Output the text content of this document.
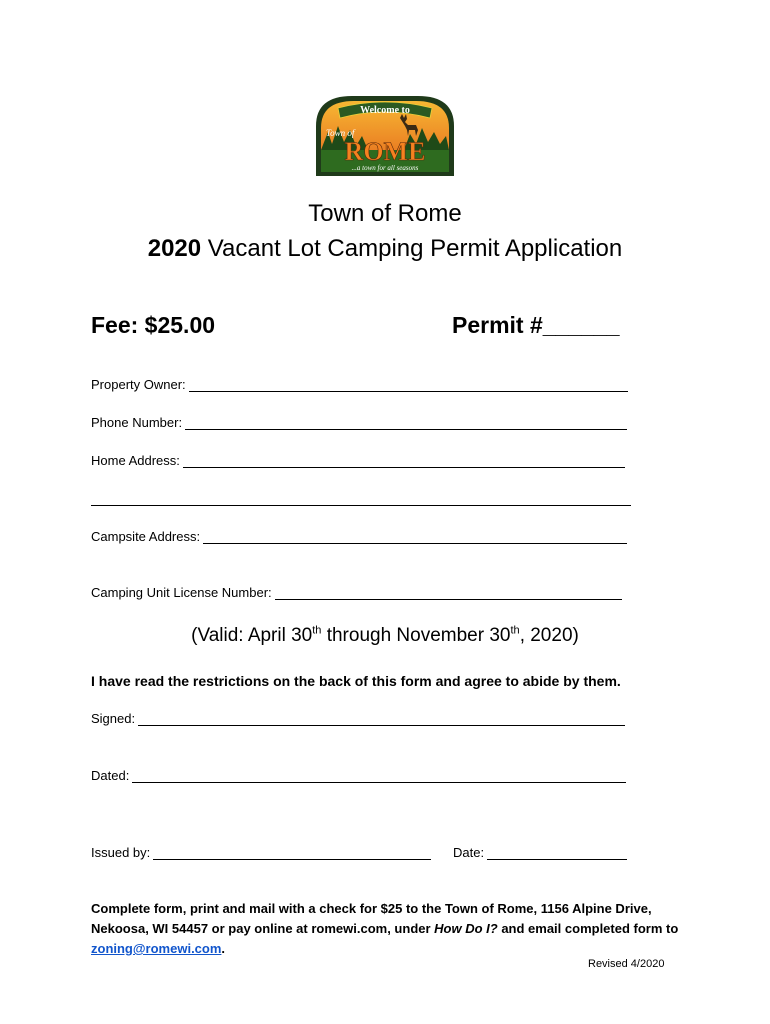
Welcome to
Town of
ROME
...a town for all seasons
Town of Rome
2020 Vacant Lot Camping Permit Application
Fee: $25.00	Permit #______
Property Owner:
Phone Number:
Home Address:
Campsite Address:
Camping Unit License Number:
(Valid: April 30th through November 30th, 2020)
I have read the restrictions on the back of this form and agree to abide by them.
Signed:
Dated:
Issued by:	Date:
Complete form, print and mail with a check for $25 to the Town of Rome, 1156 Alpine Drive, Nekoosa, WI 54457 or pay online at romewi.com, under How Do I? and email completed form to zoning@romewi.com.
Revised 4/2020
